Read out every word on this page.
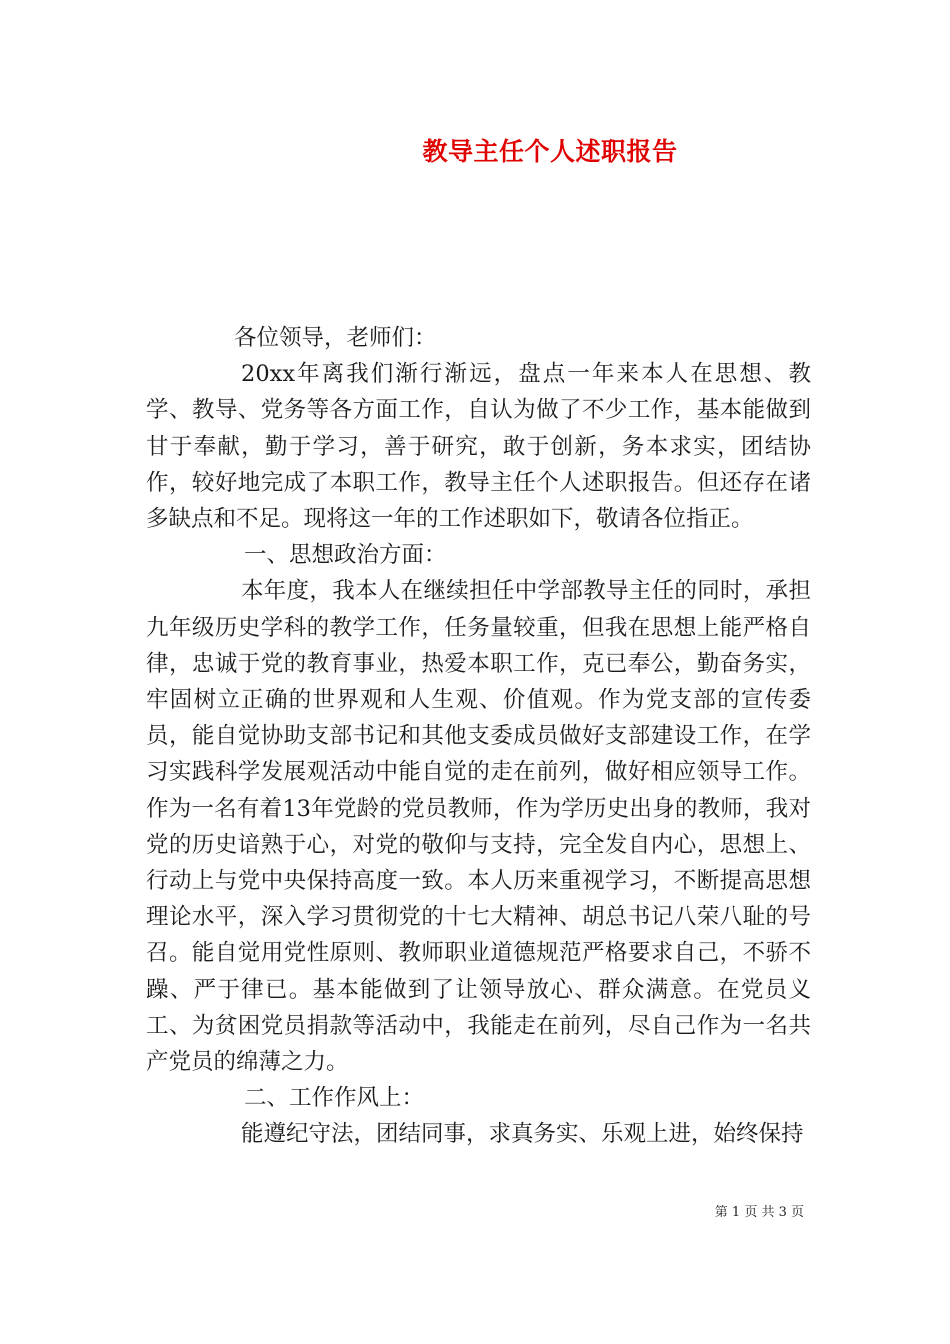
教导主任个人述职报告

各位领导，老师们：

20xx年离我们渐行渐远，盘点一年来本人在思想、教学、教导、党务等各方面工作，自认为做了不少工作，基本能做到甘于奉献，勤于学习，善于研究，敢于创新，务本求实，团结协作，较好地完成了本职工作，教导主任个人述职报告。但还存在诸多缺点和不足。现将这一年的工作述职如下，敬请各位指正。

一、思想政治方面：

本年度，我本人在继续担任中学部教导主任的同时，承担九年级历史学科的教学工作，任务量较重，但我在思想上能严格自律，忠诚于党的教育事业，热爱本职工作，克已奉公，勤奋务实，牢固树立正确的世界观和人生观、价值观。作为党支部的宣传委员，能自觉协助支部书记和其他支委成员做好支部建设工作，在学习实践科学发展观活动中能自觉的走在前列，做好相应领导工作。作为一名有着13年党龄的党员教师，作为学历史出身的教师，我对党的历史谙熟于心，对党的敬仰与支持，完全发自内心，思想上、行动上与党中央保持高度一致。本人历来重视学习，不断提高思想理论水平，深入学习贯彻党的十七大精神、胡总书记八荣八耻的号召。能自觉用党性原则、教师职业道德规范严格要求自己，不骄不躁、严于律已。基本能做到了让领导放心、群众满意。在党员义工、为贫困党员捐款等活动中，我能走在前列，尽自己作为一名共产党员的绵薄之力。

二、工作作风上：

能遵纪守法，团结同事，求真务实、乐观上进，始终保持

第 1 页 共 3 页
